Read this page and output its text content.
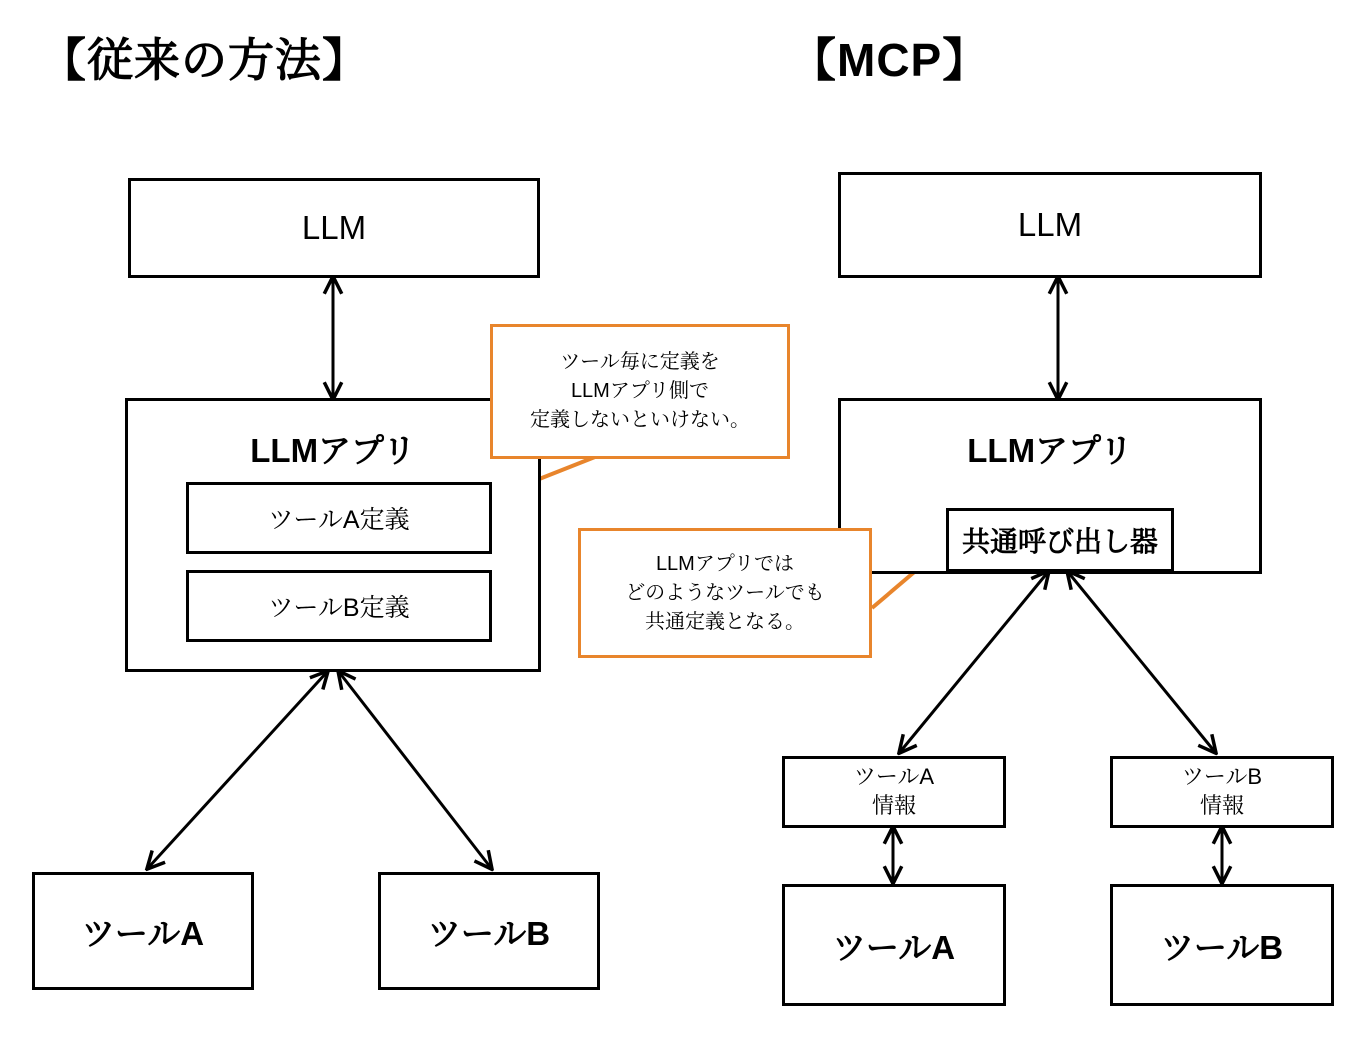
【従来の方法】	【MCP】
LLM
LLMアプリ
ツールA定義
ツールB定義
ツールA	ツールB
ツール毎に定義を
LLMアプリ側で
定義しないといけない。
LLM
LLMアプリ
共通呼び出し器
ツールA
情報
ツールB
情報
ツールA	ツールB
LLMアプリでは
どのようなツールでも
共通定義となる。
